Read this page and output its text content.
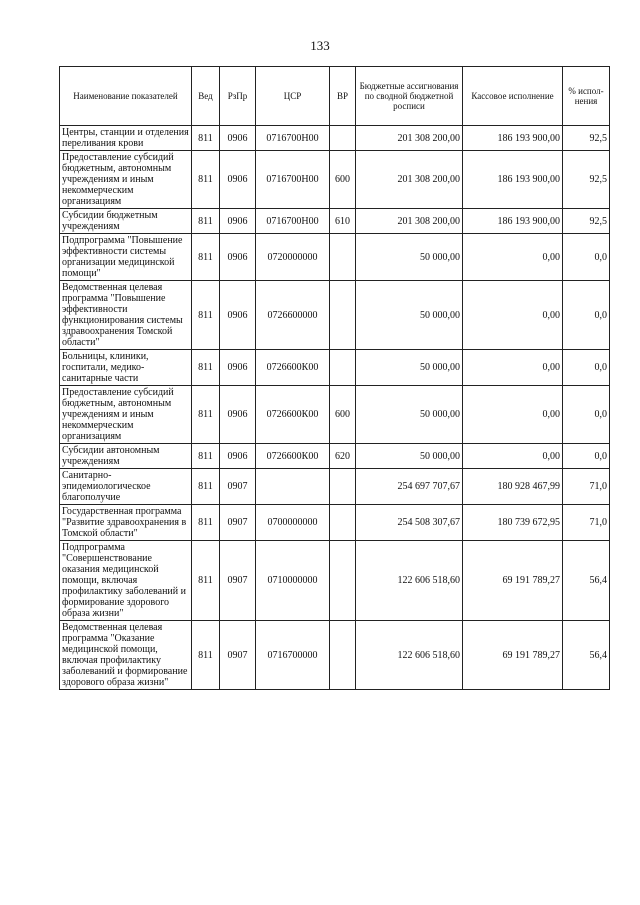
133
Наименование показателей	Вед	РзПр	ЦСР	ВР	Бюджетные ассигнования по сводной бюджетной росписи	Кассовое исполнение	% испол-нения
Центры, станции и отделения переливания крови	811	0906	0716700Н00		201 308 200,00	186 193 900,00	92,5
Предоставление субсидий бюджетным, автономным учреждениям и иным некоммерческим организациям	811	0906	0716700Н00	600	201 308 200,00	186 193 900,00	92,5
Субсидии бюджетным учреждениям	811	0906	0716700Н00	610	201 308 200,00	186 193 900,00	92,5
Подпрограмма "Повышение эффективности системы организации медицинской помощи"	811	0906	0720000000		50 000,00	0,00	0,0
Ведомственная целевая программа "Повышение эффективности функционирования системы здравоохранения Томской области"	811	0906	0726600000		50 000,00	0,00	0,0
Больницы, клиники, госпитали, медико-санитарные части	811	0906	0726600К00		50 000,00	0,00	0,0
Предоставление субсидий бюджетным, автономным учреждениям и иным некоммерческим организациям	811	0906	0726600К00	600	50 000,00	0,00	0,0
Субсидии автономным учреждениям	811	0906	0726600К00	620	50 000,00	0,00	0,0
Санитарно-эпидемиологическое благополучие	811	0907			254 697 707,67	180 928 467,99	71,0
Государственная программа "Развитие здравоохранения в Томской области"	811	0907	0700000000		254 508 307,67	180 739 672,95	71,0
Подпрограмма "Совершенствование оказания медицинской помощи, включая профилактику заболеваний и формирование здорового образа жизни"	811	0907	0710000000		122 606 518,60	69 191 789,27	56,4
Ведомственная целевая программа "Оказание медицинской помощи, включая профилактику заболеваний и формирование здорового образа жизни"	811	0907	0716700000		122 606 518,60	69 191 789,27	56,4
